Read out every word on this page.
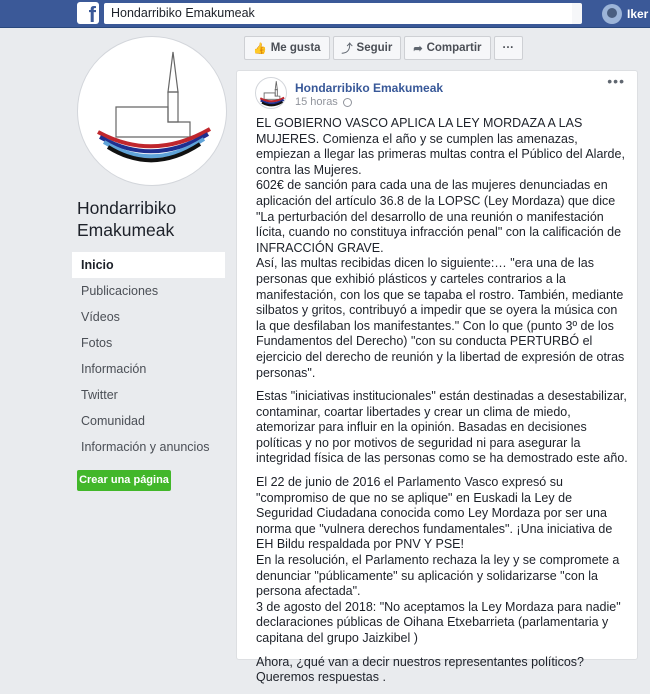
f	Hondarribiko Emakumeak	Iker
Hondarribiko Emakumeak
Inicio
Publicaciones
Vídeos
Fotos
Información
Twitter
Comunidad
Información y anuncios
Crear una página
👍 Me gusta ⤴ Seguir ➦ Compartir ···
Hondarribiko Emakumeak
15 horas
•••

EL GOBIERNO VASCO APLICA LA LEY MORDAZA A LAS MUJERES. Comienza el año y se cumplen las amenazas, empiezan a llegar las primeras multas contra el Público del Alarde, contra las Mujeres.

602€ de sanción para cada una de las mujeres denunciadas en aplicación del artículo 36.8 de la LOPSC (Ley Mordaza) que dice "La perturbación del desarrollo de una reunión o manifestación lícita, cuando no constituya infracción penal" con la calificación de INFRACCIÓN GRAVE.

Así, las multas recibidas dicen lo siguiente:… "era una de las personas que exhibió plásticos y carteles contrarios a la manifestación, con los que se tapaba el rostro. También, mediante silbatos y gritos, contribuyó a impedir que se oyera la música con la que desfilaban los manifestantes." Con lo que (punto 3º de los Fundamentos del Derecho) "con su conducta PERTURBÓ el ejercicio del derecho de reunión y la libertad de expresión de otras personas".

Estas "iniciativas institucionales" están destinadas a desestabilizar, contaminar, coartar libertades y crear un clima de miedo, atemorizar para influir en la opinión. Basadas en decisiones políticas y no por motivos de seguridad ni para asegurar la integridad física de las personas como se ha demostrado este año.

El 22 de junio de 2016 el Parlamento Vasco expresó su "compromiso de que no se aplique" en Euskadi la Ley de Seguridad Ciudadana conocida como Ley Mordaza por ser una norma que "vulnera derechos fundamentales". ¡Una iniciativa de EH Bildu respaldada por PNV Y PSE!

En la resolución, el Parlamento rechaza la ley y se compromete a denunciar "públicamente" su aplicación y solidarizarse "con la persona afectada".

3 de agosto del 2018: "No aceptamos la Ley Mordaza para nadie" declaraciones públicas de Oihana Etxebarrieta (parlamentaria y capitana del grupo Jaizkibel )

Ahora, ¿qué van a decir nuestros representantes políticos? Queremos respuestas .
